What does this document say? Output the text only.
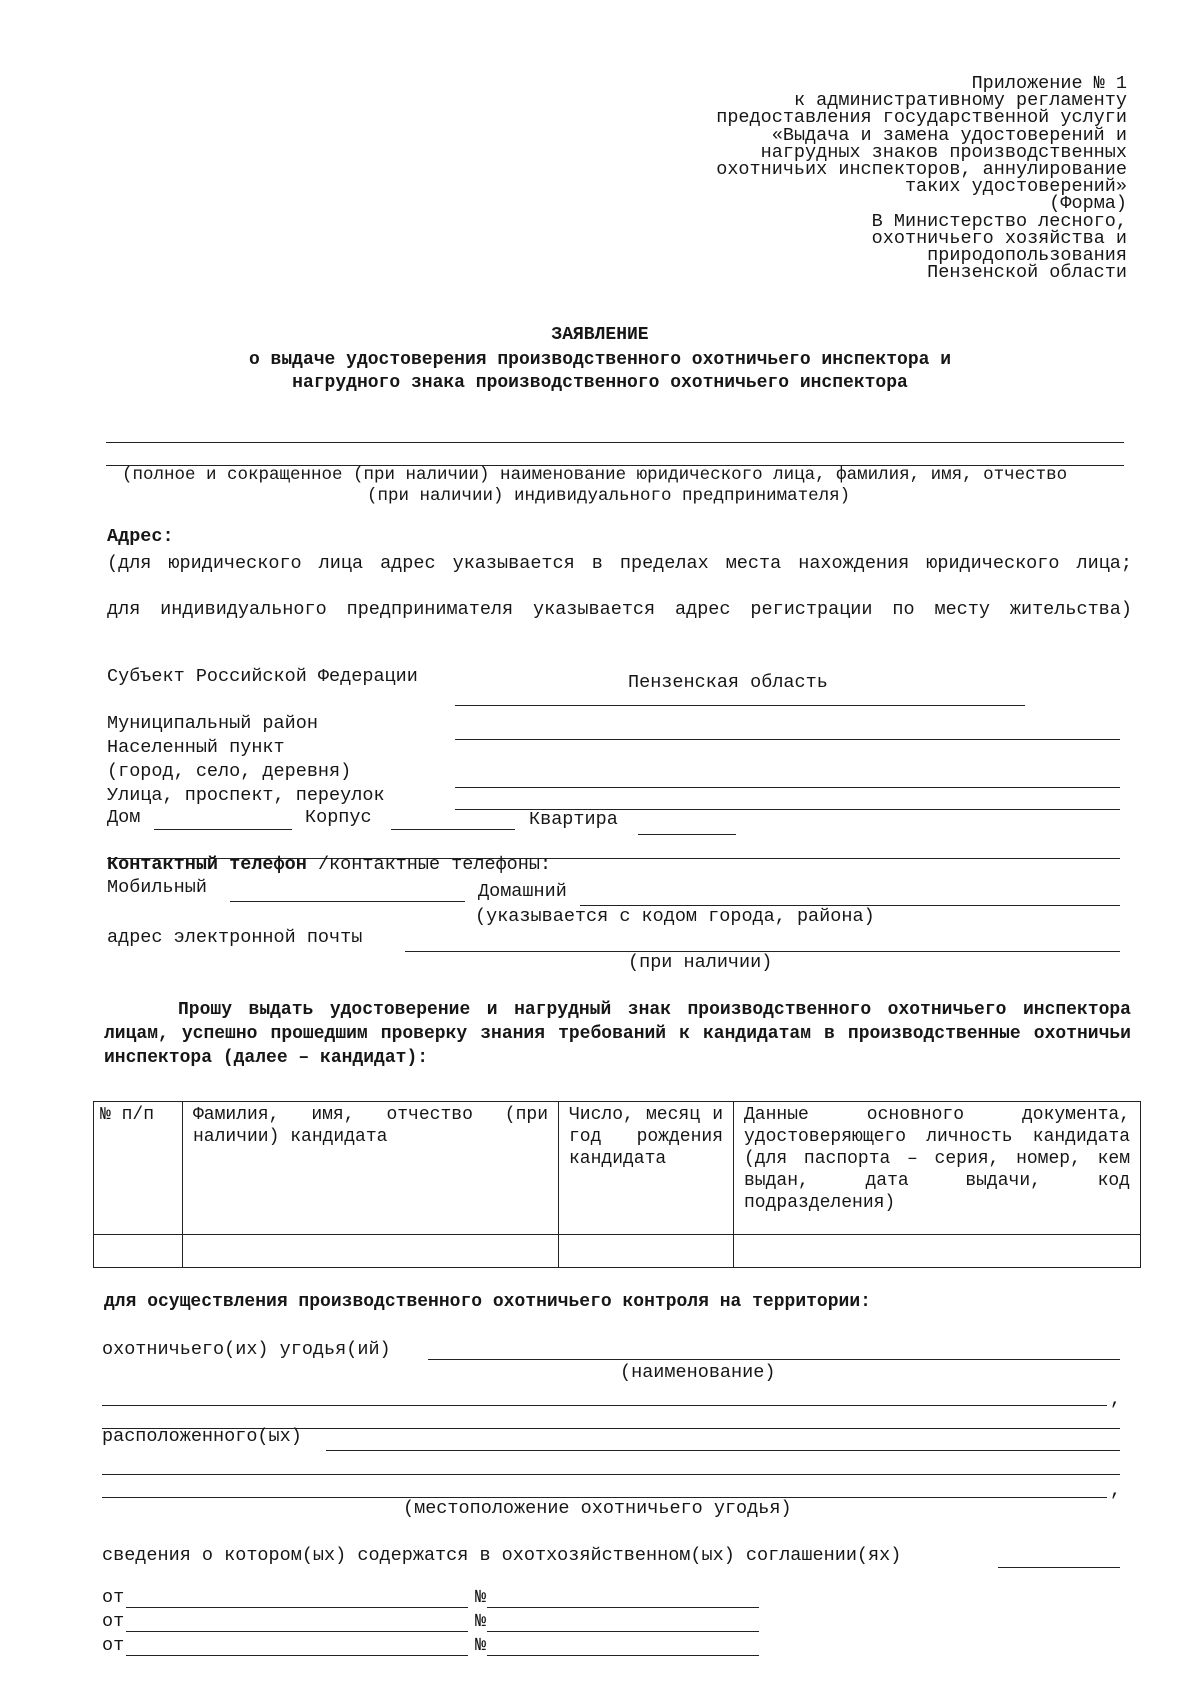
Приложение № 1
к административному регламенту
предоставления государственной услуги
«Выдача и замена удостоверений и
нагрудных знаков производственных
охотничьих инспекторов, аннулирование
таких удостоверений»
(Форма)
В Министерство лесного,
охотничьего хозяйства и
природопользования
Пензенской области
ЗАЯВЛЕНИЕ
о выдаче удостоверения производственного охотничьего инспектора и
нагрудного знака производственного охотничьего инспектора
(полное и сокращенное (при наличии) наименование юридического лица, фамилия, имя, отчество
(при наличии) индивидуального предпринимателя)
Адрес:
(для юридического лица адрес указывается в пределах места нахождения юридического лица;
для индивидуального предпринимателя указывается адрес регистрации по месту жительства)
Субъект Российской Федерации	Пензенская область
Муниципальный район
Населенный пункт
(город, село, деревня)
Улица, проспект, переулок
Дом	Корпус	Квартира
Контактный телефон /контактные телефоны:
Мобильный	Домашний
(указывается с кодом города, района)
адрес электронной почты
(при наличии)
Прошу выдать удостоверение и нагрудный знак производственного охотничьего инспектора лицам, успешно прошедшим проверку знания требований к кандидатам в производственные охотничьи инспектора (далее – кандидат):
№ п/п	Фамилия, имя, отчество (при наличии) кандидата	Число, месяц и год рождения кандидата	Данные основного документа, удостоверяющего личность кандидата (для паспорта – серия, номер, кем выдан, дата выдачи, код подразделения)

для осуществления производственного охотничьего контроля на территории:
охотничьего(их) угодья(ий)
(наименование)
,
расположенного(ых)
,
(местоположение охотничьего угодья)
сведения о котором(ых) содержатся в охотхозяйственном(ых) соглашении(ях)
от	№
от	№
от	№
